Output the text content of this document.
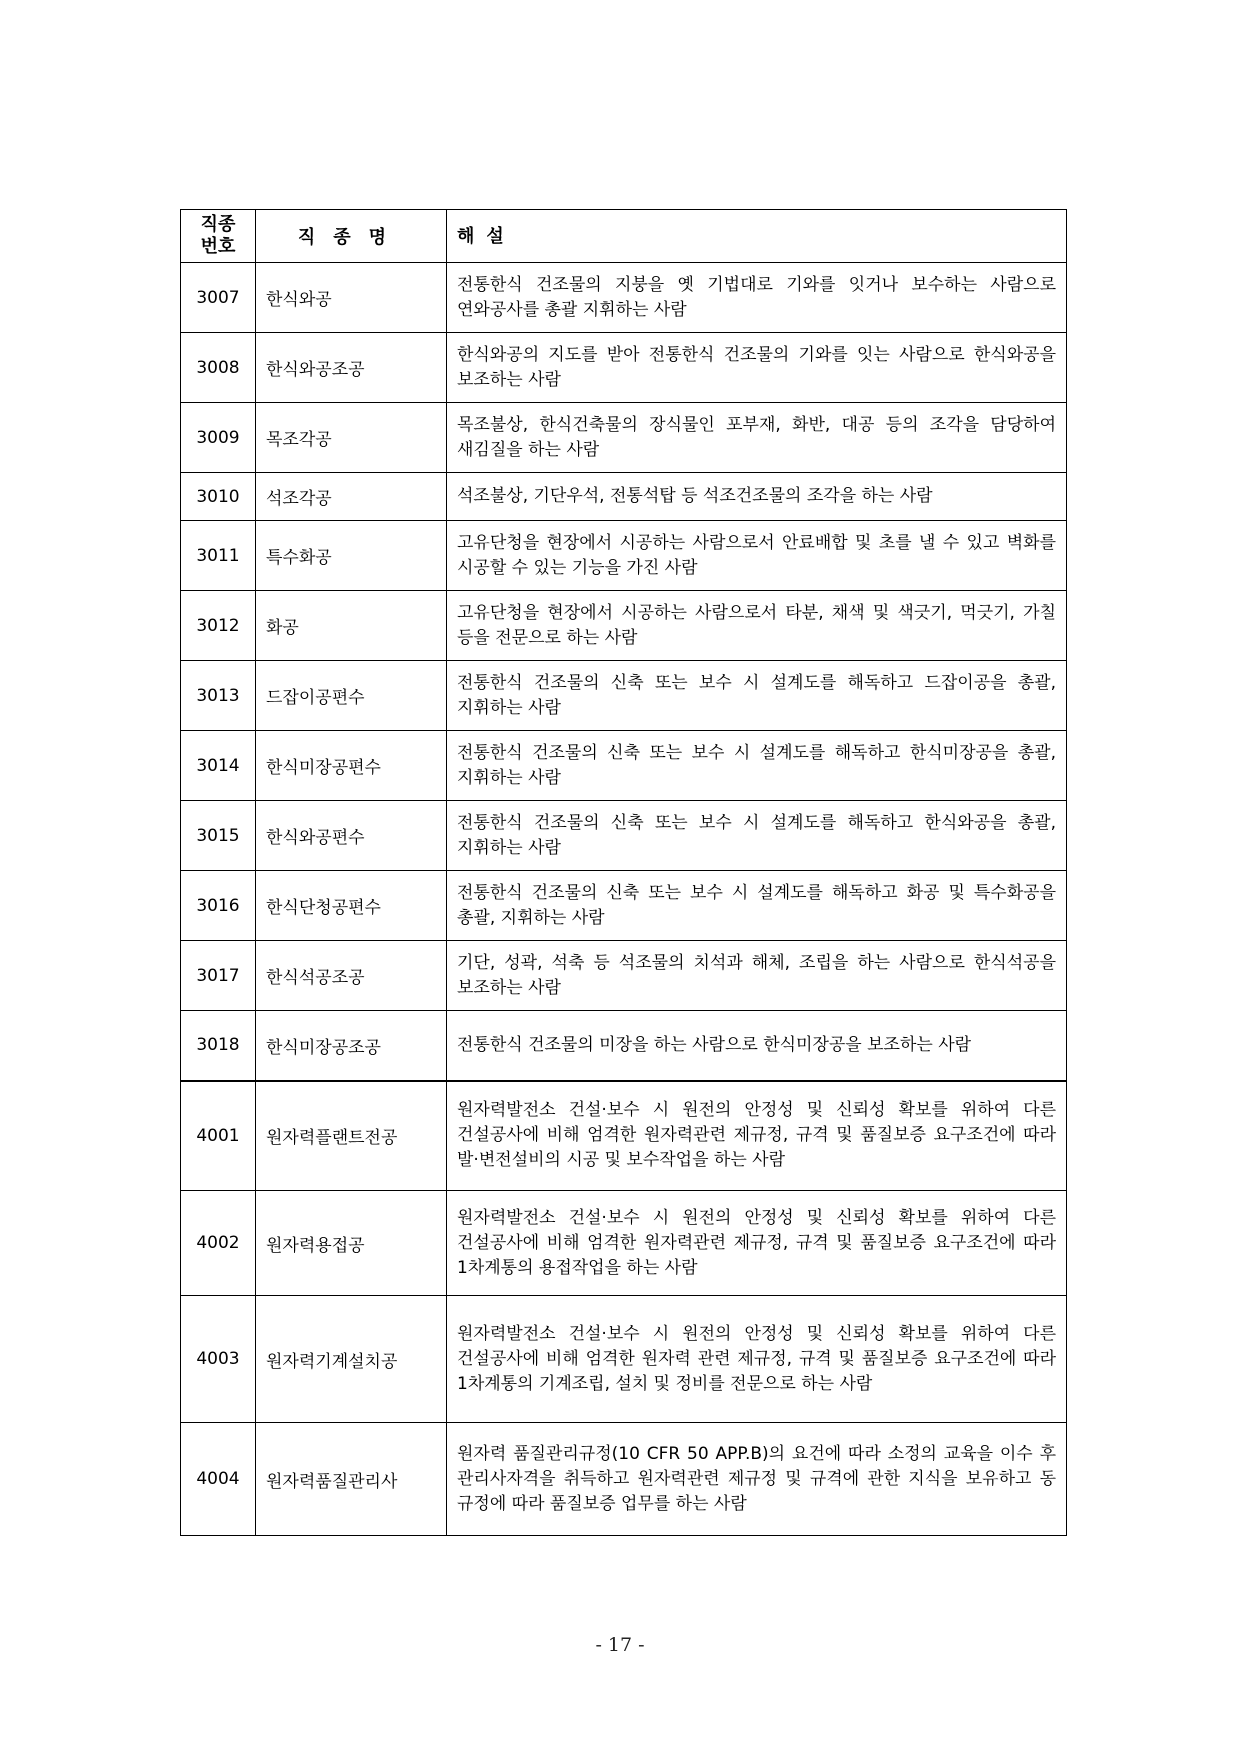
직종
번호	직종명	해설
3007	한식와공	전통한식 건조물의 지붕을 옛 기법대로 기와를 잇거나 보수하는 사람으로 연와공사를 총괄 지휘하는 사람
3008	한식와공조공	한식와공의 지도를 받아 전통한식 건조물의 기와를 잇는 사람으로 한식와공을 보조하는 사람
3009	목조각공	목조불상, 한식건축물의 장식물인 포부재, 화반, 대공 등의 조각을 담당하여 새김질을 하는 사람
3010	석조각공	석조불상, 기단우석, 전통석탑 등 석조건조물의 조각을 하는 사람
3011	특수화공	고유단청을 현장에서 시공하는 사람으로서 안료배합 및 초를 낼 수 있고 벽화를 시공할 수 있는 기능을 가진 사람
3012	화공	고유단청을 현장에서 시공하는 사람으로서 타분, 채색 및 색긋기, 먹긋기, 가칠 등을 전문으로 하는 사람
3013	드잡이공편수	전통한식 건조물의 신축 또는 보수 시 설계도를 해독하고 드잡이공을 총괄, 지휘하는 사람
3014	한식미장공편수	전통한식 건조물의 신축 또는 보수 시 설계도를 해독하고 한식미장공을 총괄, 지휘하는 사람
3015	한식와공편수	전통한식 건조물의 신축 또는 보수 시 설계도를 해독하고 한식와공을 총괄, 지휘하는 사람
3016	한식단청공편수	전통한식 건조물의 신축 또는 보수 시 설계도를 해독하고 화공 및 특수화공을 총괄, 지휘하는 사람
3017	한식석공조공	기단, 성곽, 석축 등 석조물의 치석과 해체, 조립을 하는 사람으로 한식석공을 보조하는 사람
3018	한식미장공조공	전통한식 건조물의 미장을 하는 사람으로 한식미장공을 보조하는 사람
4001	원자력플랜트전공	원자력발전소 건설·보수 시 원전의 안정성 및 신뢰성 확보를 위하여 다른 건설공사에 비해 엄격한 원자력관련 제규정, 규격 및 품질보증 요구조건에 따라 발·변전설비의 시공 및 보수작업을 하는 사람
4002	원자력용접공	원자력발전소 건설·보수 시 원전의 안정성 및 신뢰성 확보를 위하여 다른 건설공사에 비해 엄격한 원자력관련 제규정, 규격 및 품질보증 요구조건에 따라 1차계통의 용접작업을 하는 사람
4003	원자력기계설치공	원자력발전소 건설·보수 시 원전의 안정성 및 신뢰성 확보를 위하여 다른 건설공사에 비해 엄격한 원자력 관련 제규정, 규격 및 품질보증 요구조건에 따라 1차계통의 기계조립, 설치 및 정비를 전문으로 하는 사람
4004	원자력품질관리사	원자력 품질관리규정(10 CFR 50 APP.B)의 요건에 따라 소정의 교육을 이수 후 관리사자격을 취득하고 원자력관련 제규정 및 규격에 관한 지식을 보유하고 동 규정에 따라 품질보증 업무를 하는 사람
- 17 -
